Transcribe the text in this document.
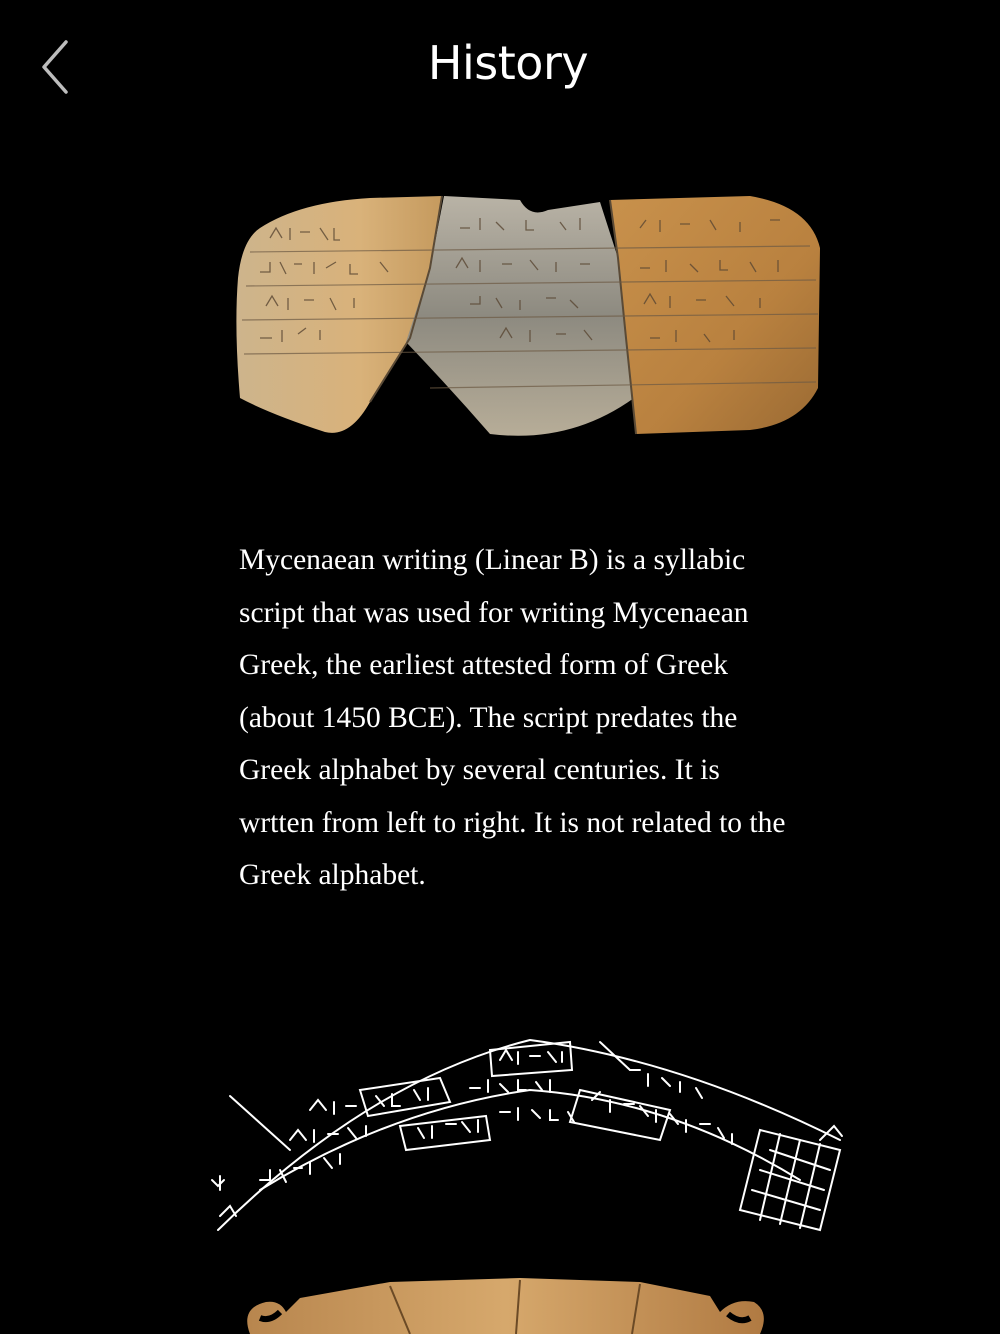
History

Mycenaean writing (Linear B) is a syllabic script that was used for writing Mycenaean Greek, the earliest attested form of Greek (about 1450 BCE). The script predates the Greek alphabet by several centuries. It is wrtten from left to right. It is not related to the Greek alphabet.
